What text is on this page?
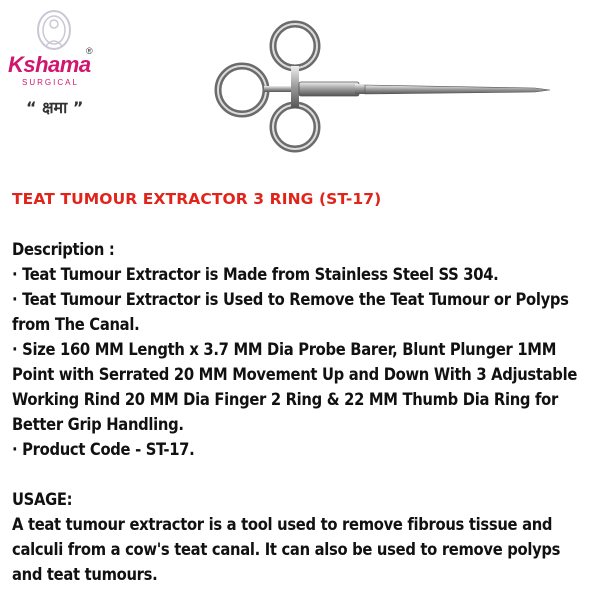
Kshama
®
SURGICAL
“ क्षमा ”
TEAT TUMOUR EXTRACTOR 3 RING (ST-17)

Description :

· Teat Tumour Extractor is Made from Stainless Steel SS 304.

· Teat Tumour Extractor is Used to Remove the Teat Tumour or Polyps from The Canal.

· Size 160 MM Length x 3.7 MM Dia Probe Barer, Blunt Plunger 1MM Point with Serrated 20 MM Movement Up and Down With 3 Adjustable Working Rind 20 MM Dia Finger 2 Ring & 22 MM Thumb Dia Ring for Better Grip Handling.

· Product Code - ST-17.

USAGE:

A teat tumour extractor is a tool used to remove fibrous tissue and calculi from a cow's teat canal. It can also be used to remove polyps and teat tumours.
